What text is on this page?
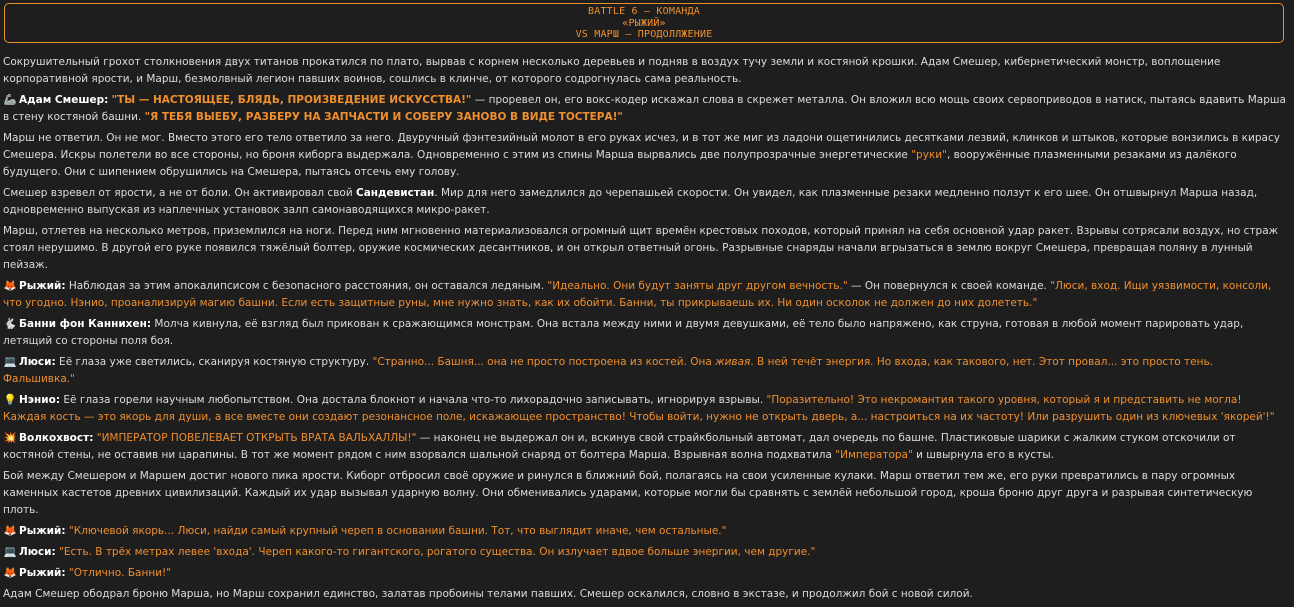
BATTLE 6 – КОМАНДА
«РЫЖИЙ»
VS МАРШ – ПРОДОЛЛЖЕНИЕ

Сокрушительный грохот столкновения двух титанов прокатился по плато, вырвав с корнем несколько деревьев и подняв в воздух тучу земли и костяной крошки. Адам Смешер, кибернетический монстр, воплощение корпоративной ярости, и Марш, безмолвный легион павших воинов, сошлись в клинче, от которого содрогнулась сама реальность.

🦾 Адам Смешер: "ТЫ — НАСТОЯЩЕЕ, БЛЯДЬ, ПРОИЗВЕДЕНИЕ ИСКУССТВА!" — проревел он, его вокс-кодер искажал слова в скрежет металла. Он вложил всю мощь своих сервоприводов в натиск, пытаясь вдавить Марша в стену костяной башни. "Я ТЕБЯ ВЫЕБУ, РАЗБЕРУ НА ЗАПЧАСТИ И СОБЕРУ ЗАНОВО В ВИДЕ ТОСТЕРА!"

Марш не ответил. Он не мог. Вместо этого его тело ответило за него. Двуручный фэнтезийный молот в его руках исчез, и в тот же миг из ладони ощетинились десятками лезвий, клинков и штыков, которые вонзились в кирасу Смешера. Искры полетели во все стороны, но броня киборга выдержала. Одновременно с этим из спины Марша вырвались две полупрозрачные энергетические "руки", вооружённые плазменными резаками из далёкого будущего. Они с шипением обрушились на Смешера, пытаясь отсечь ему голову.

Смешер взревел от ярости, а не от боли. Он активировал свой Сандевистан. Мир для него замедлился до черепашьей скорости. Он увидел, как плазменные резаки медленно ползут к его шее. Он отшвырнул Марша назад, одновременно выпуская из наплечных установок залп самонаводящихся микро-ракет.

Марш, отлетев на несколько метров, приземлился на ноги. Перед ним мгновенно материализовался огромный щит времён крестовых походов, который принял на себя основной удар ракет. Взрывы сотрясали воздух, но страж стоял нерушимо. В другой его руке появился тяжёлый болтер, оружие космических десантников, и он открыл ответный огонь. Разрывные снаряды начали вгрызаться в землю вокруг Смешера, превращая поляну в лунный пейзаж.

🦊 Рыжий: Наблюдая за этим апокалипсисом с безопасного расстояния, он оставался ледяным. "Идеально. Они будут заняты друг другом вечность." — Он повернулся к своей команде. "Люси, вход. Ищи уязвимости, консоли, что угодно. Нэнио, проанализируй магию башни. Если есть защитные руны, мне нужно знать, как их обойти. Банни, ты прикрываешь их. Ни один осколок не должен до них долететь."

🐇 Банни фон Каннихен: Молча кивнула, её взгляд был прикован к сражающимся монстрам. Она встала между ними и двумя девушками, её тело было напряжено, как струна, готовая в любой момент парировать удар, летящий со стороны поля боя.

💻 Люси: Её глаза уже светились, сканируя костяную структуру. "Странно... Башня... она не просто построена из костей. Она живая. В ней течёт энергия. Но входа, как такового, нет. Этот провал... это просто тень. Фальшивка."

💡 Нэнио: Её глаза горели научным любопытством. Она достала блокнот и начала что-то лихорадочно записывать, игнорируя взрывы. "Поразительно! Это некромантия такого уровня, который я и представить не могла! Каждая кость — это якорь для души, а все вместе они создают резонансное поле, искажающее пространство! Чтобы войти, нужно не открыть дверь, а... настроиться на их частоту! Или разрушить один из ключевых 'якорей'!"

💥 Волкохвост: "ИМПЕРАТОР ПОВЕЛЕВАЕТ ОТКРЫТЬ ВРАТА ВАЛЬХАЛЛЫ!" — наконец не выдержал он и, вскинув свой страйкбольный автомат, дал очередь по башне. Пластиковые шарики с жалким стуком отскочили от костяной стены, не оставив ни царапины. В тот же момент рядом с ним взорвался шальной снаряд от болтера Марша. Взрывная волна подхватила "Императора" и швырнула его в кусты.

Бой между Смешером и Маршем достиг нового пика ярости. Киборг отбросил своё оружие и ринулся в ближний бой, полагаясь на свои усиленные кулаки. Марш ответил тем же, его руки превратились в пару огромных каменных кастетов древних цивилизаций. Каждый их удар вызывал ударную волну. Они обменивались ударами, которые могли бы сравнять с землёй небольшой город, кроша броню друг друга и разрывая синтетическую плоть.

🦊 Рыжий: "Ключевой якорь... Люси, найди самый крупный череп в основании башни. Тот, что выглядит иначе, чем остальные."

💻 Люси: "Есть. В трёх метрах левее 'входа'. Череп какого-то гигантского, рогатого существа. Он излучает вдвое больше энергии, чем другие."

🦊 Рыжий: "Отлично. Банни!"

Адам Смешер ободрал броню Марша, но Марш сохранил единство, залатав пробоины телами павших. Смешер оскалился, словно в экстазе, и продолжил бой с новой силой.
